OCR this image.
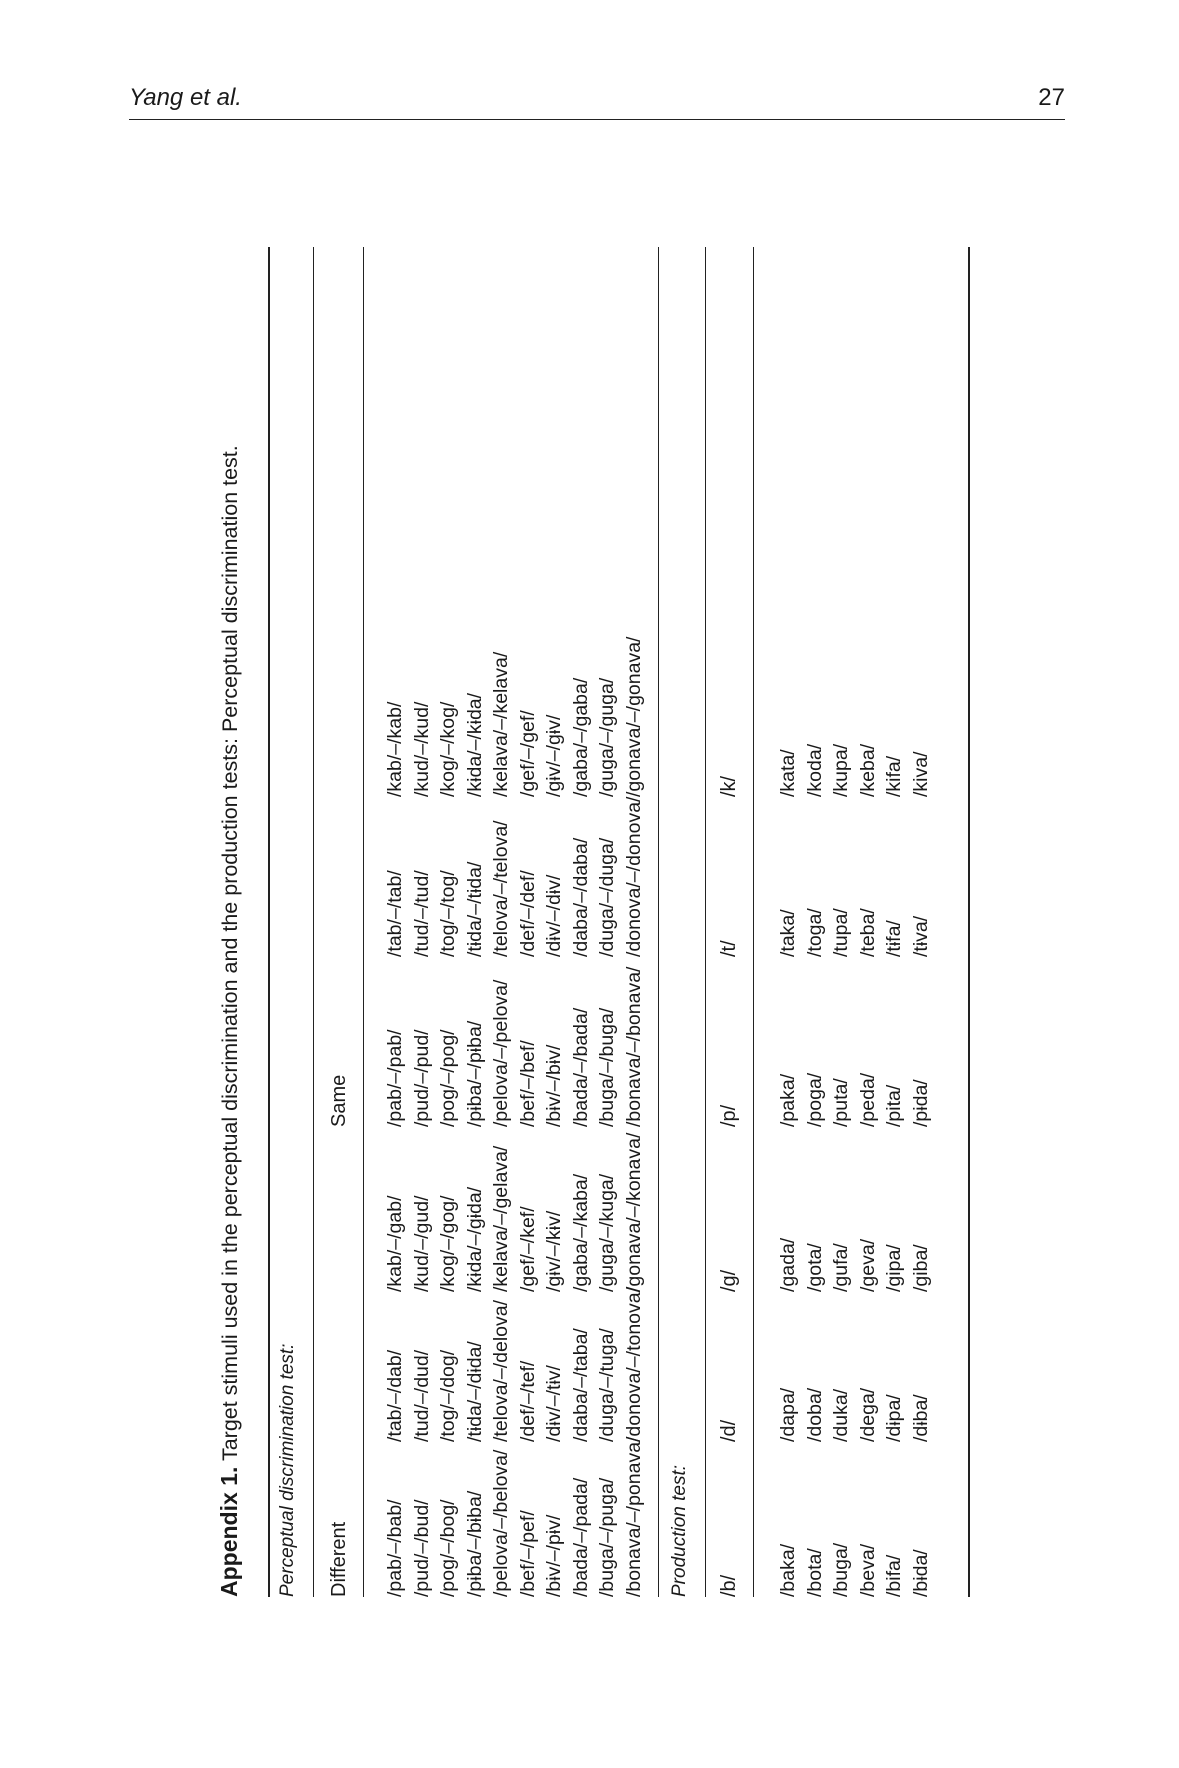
Yang et al.	27
Appendix 1. Target stimuli used in the perceptual discrimination and the production tests: Perceptual discrimination test.
Perceptual discrimination test: Different
Same
/pab/–/bab/
/tab/–/dab/
/kab/–/gab/
/pab/–/pab/
/tab/–/tab/
/kab/–/kab/
/pud/–/bud/
/tud/–/dud/
/kud/–/gud/
/pud/–/pud/
/tud/–/tud/
/kud/–/kud/
/pog/–/bog/
/tog/–/dog/
/kog/–/gog/
/pog/–/pog/
/tog/–/tog/
/kog/–/kog/
/pɨba/–/bɨba/
/tɨda/–/dɨda/
/kɨda/–/gɨda/
/pɨba/–/pɨba/
/tɨda/–/tɨda/
/kɨda/–/kɨda/
/pelova/–/belova/
/telova/–/delova/
/kelava/–/gelava/
/pelova/–/pelova/
/telova/–/telova/
/kelava/–/kelava/
/bef/–/pef/
/def/–/tef/
/gef/–/kef/
/bef/–/bef/
/def/–/def/
/gef/–/gef/
/bɨv/–/pɨv/
/dɨv/–/tɨv/
/gɨv/–/kɨv/
/bɨv/–/bɨv/
/dɨv/–/dɨv/
/gɨv/–/gɨv/
/bada/–/pada/
/daba/–/taba/
/gaba/–/kaba/
/bada/–/bada/
/daba/–/daba/
/gaba/–/gaba/
/buga/–/puga/
/duga/–/tuga/
/guga/–/kuga/
/buga/–/buga/
/duga/–/duga/
/guga/–/guga/
/bonava/–/ponava/
/donova/–/tonova/
/gonava/–/konava/
/bonava/–/bonava/
/donova/–/donova/
/gonava/–/gonava/
Production test: /b/
/d/
/g/
/p/
/t/
/k/
/baka/
/dapa/
/gada/
/paka/
/taka/
/kata/
/bota/
/doba/
/gota/
/poga/
/toga/
/koda/
/buga/
/duka/
/gufa/
/puta/
/tupa/
/kupa/
/beva/
/dega/
/geva/
/peda/
/teba/
/keba/
/bifa/
/dɨpa/
/gipa/
/pita/
/tɨfa/
/kifa/
/bɨda/
/dɨba/
/giba/
/pɨda/
/tɨva/
/kiva/
